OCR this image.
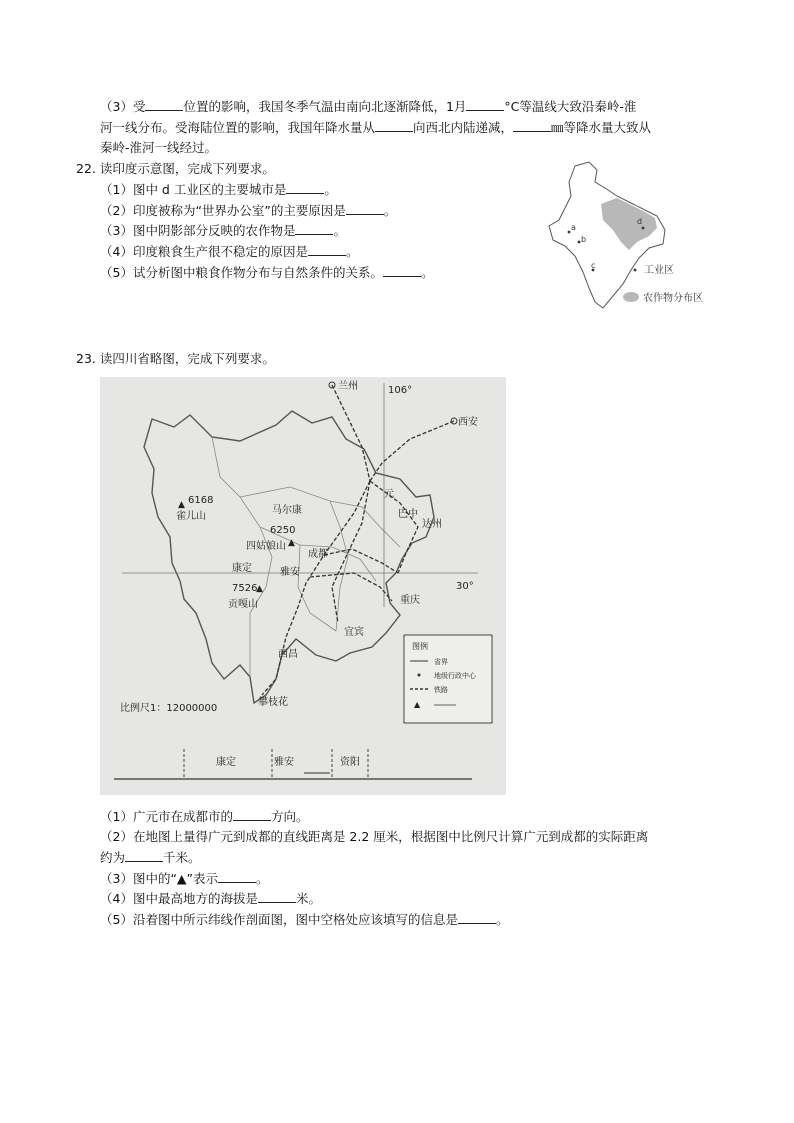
（3）受	位置的影响，我国冬季气温由南向北逐渐降低，1月	°C等温线大致沿秦岭-淮
河一线分布。受海陆位置的影响，我国年降水量从	向西北内陆递减，	㎜等降水量大致从
秦岭-淮河一线经过。
22. 读印度示意图，完成下列要求。
（1）图中 d 工业区的主要城市是	。
（2）印度被称为“世界办公室”的主要原因是	。
（3）图中阴影部分反映的农作物是	。
（4）印度粮食生产很不稳定的原因是	。
（5）试分析图中粮食作物分布与自然条件的关系。	。
a
b
c
d
工业区
农作物分布区
23. 读四川省略图，完成下列要求。
兰州	106°
西安
元
巴中
达州
马尔康
▲ 6168
雀儿山
6250
▲
四姑娘山
成都
康定	雅安
30°
7526
▲
贡嘎山	重庆
宜宾
西昌
攀枝花
比例尺1：12000000
图例
省界
地级行政中心
铁路
▲
康定	雅安	资阳
（1）广元市在成都市的	方向。
（2）在地图上量得广元到成都的直线距离是 2.2 厘米，根据图中比例尺计算广元到成都的实际距离
约为	千米。
（3）图中的“▲”表示	。
（4）图中最高地方的海拔是	米。
（5）沿着图中所示纬线作剖面图，图中空格处应该填写的信息是	。
